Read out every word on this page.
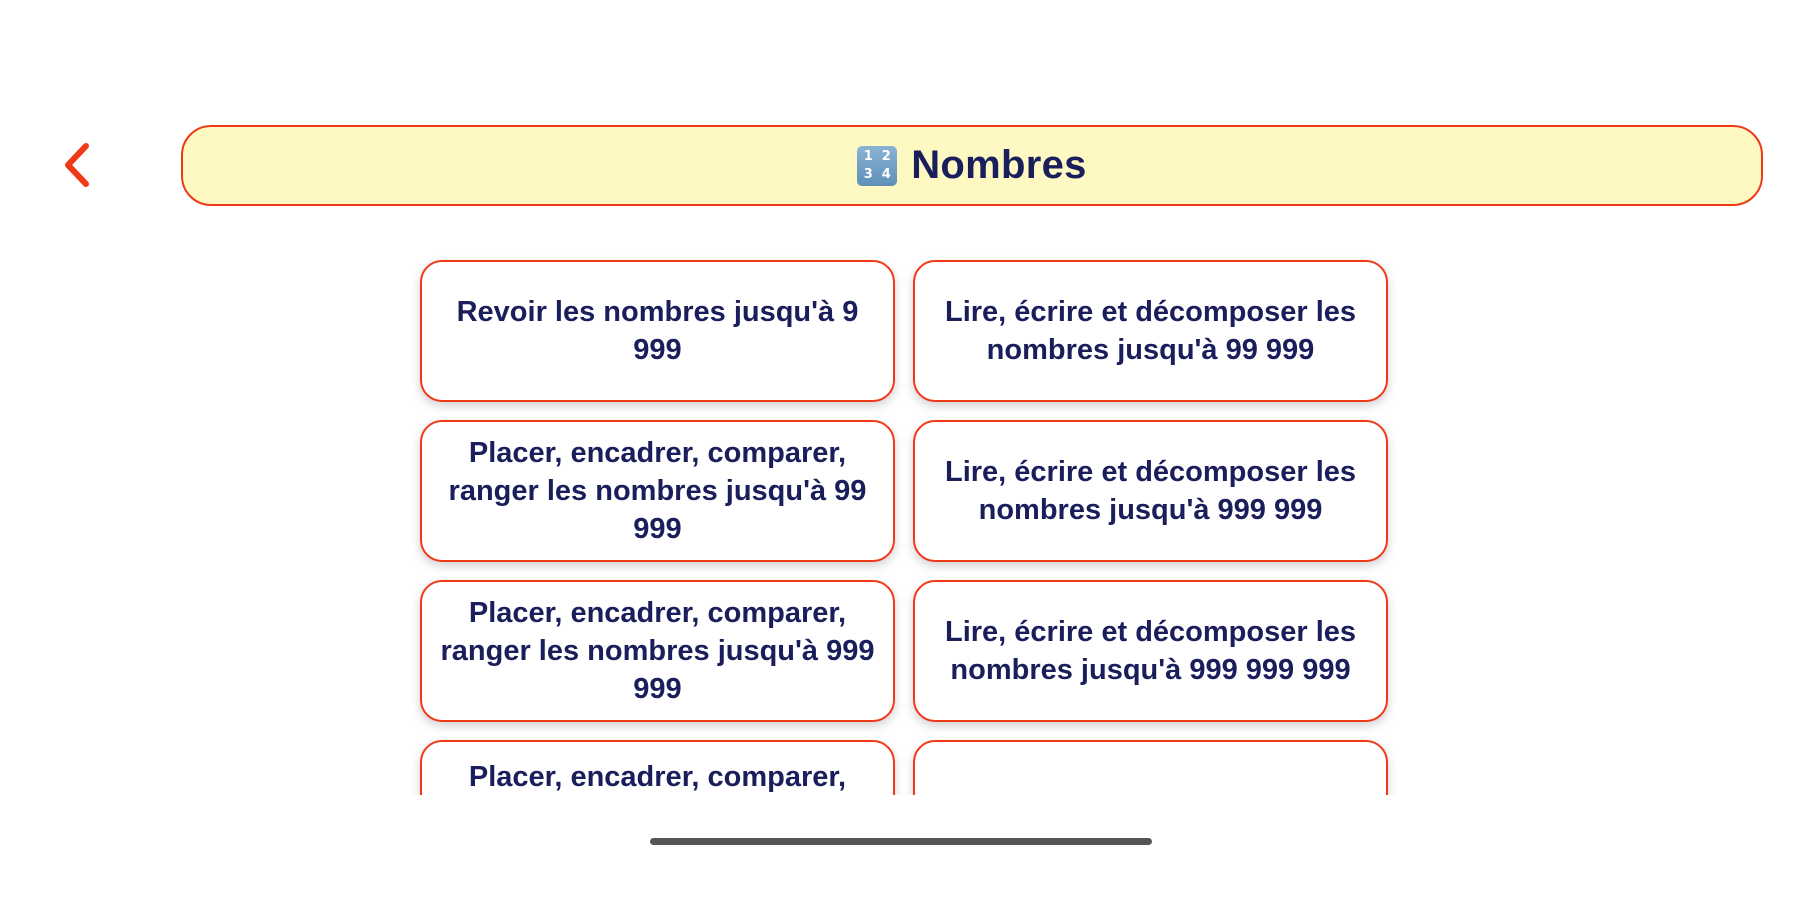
1 2
3 4 Nombres
Revoir les nombres jusqu'à 9 999
Lire, écrire et décomposer les nombres jusqu'à 99 999
Placer, encadrer, comparer, ranger les nombres jusqu'à 99 999
Lire, écrire et décomposer les nombres jusqu'à 999 999
Placer, encadrer, comparer, ranger les nombres jusqu'à 999 999
Lire, écrire et décomposer les nombres jusqu'à 999 999 999
Placer, encadrer, comparer,
